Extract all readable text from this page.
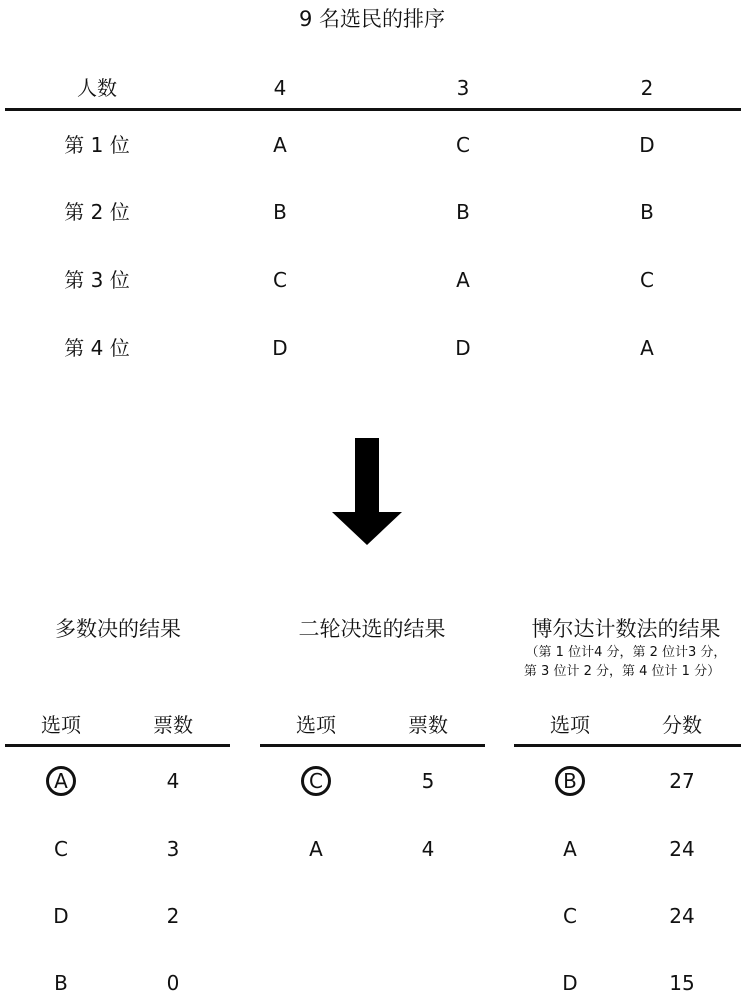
9 名选民的排序
人数	4	3	2
第 1 位	A	C	D
第 2 位	B	B	B
第 3 位	C	A	C
第 4 位	D	D	A
多数决的结果
选项	票数
A	4
C	3
D	2
B	0
二轮决选的结果
选项	票数
C	5
A	4
博尔达计数法的结果
（第 1 位计4 分，第 2 位计3 分，
第 3 位计 2 分，第 4 位计 1 分）
选项	分数
B	27
A	24
C	24
D	15
